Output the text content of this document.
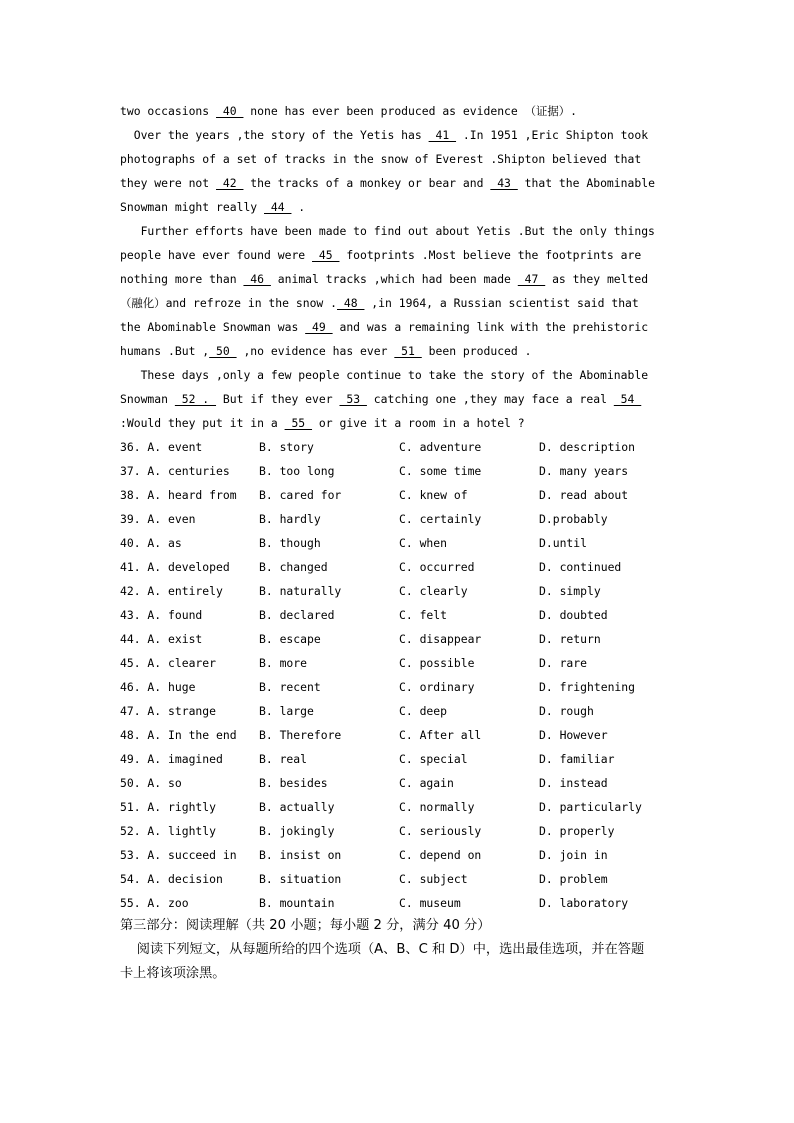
two occasions  40  none has ever been produced as evidence （证据）.
Over the years ,the story of the Yetis has  41  .In 1951 ,Eric Shipton took
photographs of a set of tracks in the snow of Everest .Shipton believed that
they were not  42  the tracks of a monkey or bear and  43  that the Abominable
Snowman might really  44  .
Further efforts have been made to find out about Yetis .But the only things
people have ever found were  45  footprints .Most believe the footprints are
nothing more than  46  animal tracks ,which had been made  47  as they melted
（融化）and refroze in the snow . 48  ,in 1964, a Russian scientist said that
the Abominable Snowman was  49  and was a remaining link with the prehistoric
humans .But , 50  ,no evidence has ever  51  been produced .
These days ,only a few people continue to take the story of the Abominable
Snowman  52 .  But if they ever  53  catching one ,they may face a real  54
:Would they put it in a  55  or give it a room in a hotel ?
36. A. event	B. story	C. adventure	D. description
37. A. centuries	B. too long	C. some time	D. many years
38. A. heard from B. cared for	C. knew of	D. read about
39. A. even	B. hardly	C. certainly	D.probably
40. A. as	B. though	C. when	D.until
41. A. developed	B. changed	C. occurred	D. continued
42. A. entirely	B. naturally	C. clearly	D. simply
43. A. found	B. declared	C. felt	D. doubted
44. A. exist	B. escape	C. disappear	D. return
45. A. clearer	B. more	C. possible	D. rare
46. A. huge	B. recent	C. ordinary	D. frightening
47. A. strange	B. large	C. deep	D. rough
48. A. In the end B. Therefore	C. After all	D. However
49. A. imagined	B. real	C. special	D. familiar
50. A. so	B. besides	C. again	D. instead
51. A. rightly	B. actually	C. normally	D. particularly
52. A. lightly	B. jokingly	C. seriously	D. properly
53. A. succeed in B. insist on	C. depend on	D. join in
54. A. decision	B. situation	C. subject	D. problem
55. A. zoo	B. mountain	C. museum	D. laboratory
第三部分：阅读理解（共 20 小题；每小题 2 分，满分 40 分）
阅读下列短文，从每题所给的四个选项（A、B、C 和 D）中，选出最佳选项，并在答题
卡上将该项涂黑。
